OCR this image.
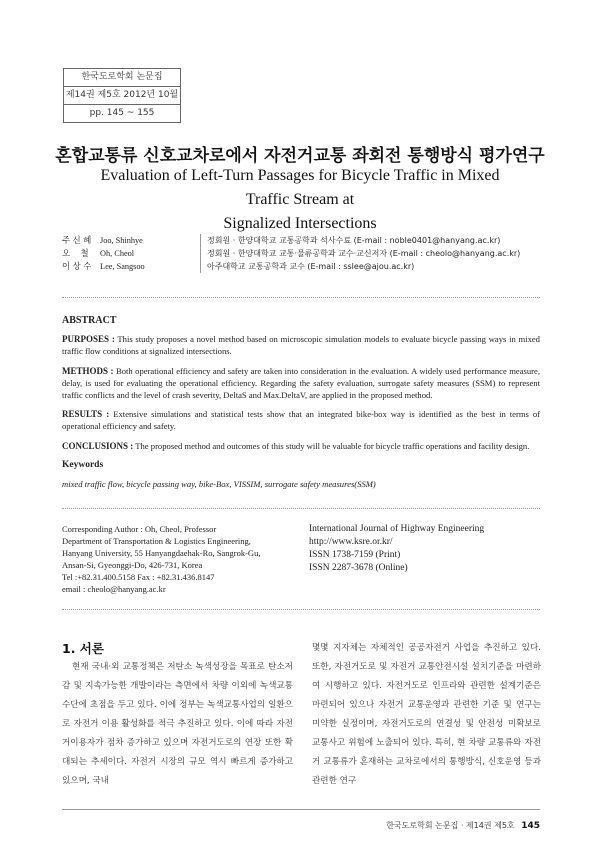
한국도로학회 논문집
제14권 제5호 2012년 10월
pp. 145 ~ 155
혼합교통류 신호교차로에서 자전거교통 좌회전 통행방식 평가연구
Evaluation of Left-Turn Passages for Bicycle Traffic in Mixed Traffic Stream at
Signalized Intersections
주 신 혜	Joo, Shinhye	정회원 · 한양대학교 교통공학과 석사수료 (E-mail : noble0401@hanyang.ac.kr)
오    철	Oh, Cheol	정회원 · 한양대학교 교통·물류공학과 교수·교신저자 (E-mail : cheolo@hanyang.ac.kr)
이 상 수	Lee, Sangsoo	아주대학교 교통공학과 교수 (E-mail : sslee@ajou.ac.kr)
ABSTRACT

PURPOSES : This study proposes a novel method based on microscopic simulation models to evaluate bicycle passing ways in mixed traffic flow conditions at signalized intersections.

METHODS : Both operational efficiency and safety are taken into consideration in the evaluation. A widely used performance measure, delay, is used for evaluating the operational efficiency. Regarding the safety evaluation, surrogate safety measures (SSM) to represent traffic conflicts and the level of crash severity, DeltaS and Max.DeltaV, are applied in the proposed method.

RESULTS : Extensive simulations and statistical tests show that an integrated bike-box way is identified as the best in terms of operational efficiency and safety.

CONCLUSIONS : The proposed method and outcomes of this study will be valuable for bicycle traffic operations and facility design.

Keywords

mixed traffic flow, bicycle passing way, bike-Box, VISSIM, surrogate safety measures(SSM)

Corresponding Author : Oh, Cheol, Professor
Department of Transportation & Logistics Engineering,
Hanyang University, 55 Hanyangdaehak-Ro, Sangrok-Gu,
Ansan-Si, Gyeonggi-Do, 426-731, Korea
Tel :+82.31.400.5158 Fax : +82.31.436.8147
email : cheolo@hanyang.ac.kr
International Journal of Highway Engineering
http://www.ksre.or.kr/
ISSN 1738-7159 (Print)
ISSN 2287-3678 (Online)
1. 서론
현재 국내·외 교통정책은 저탄소 녹색성장을 목표로 탄소저감 및 지속가능한 개발이라는 측면에서 차량 이외에 녹색교통수단에 초점을 두고 있다. 이에 정부는 녹색교통사업의 일환으로 자전거 이용 활성화를 적극 추진하고 있다. 이에 따라 자전거이용자가 점차 증가하고 있으며 자전거도로의 연장 또한 확대되는 추세이다. 자전거 시장의 규모 역시 빠르게 증가하고 있으며, 국내
몇몇 지자체는 자체적인 공공자전거 사업을 추진하고 있다. 또한, 자전거도로 및 자전거 교통안전시설 설치기준을 마련하여 시행하고 있다. 자전거도로 인프라와 관련한 설계기준은 마련되어 있으나 자전거 교통운영과 관련한 기준 및 연구는 미약한 실정이며, 자전거도로의 연결성 및 안전성 미확보로 교통사고 위험에 노출되어 있다. 특히, 현 차량 교통류와 자전거 교통류가 혼재하는 교차로에서의 통행방식, 신호운영 등과 관련한 연구
한국도로학회 논문집 · 제14권 제5호 145
